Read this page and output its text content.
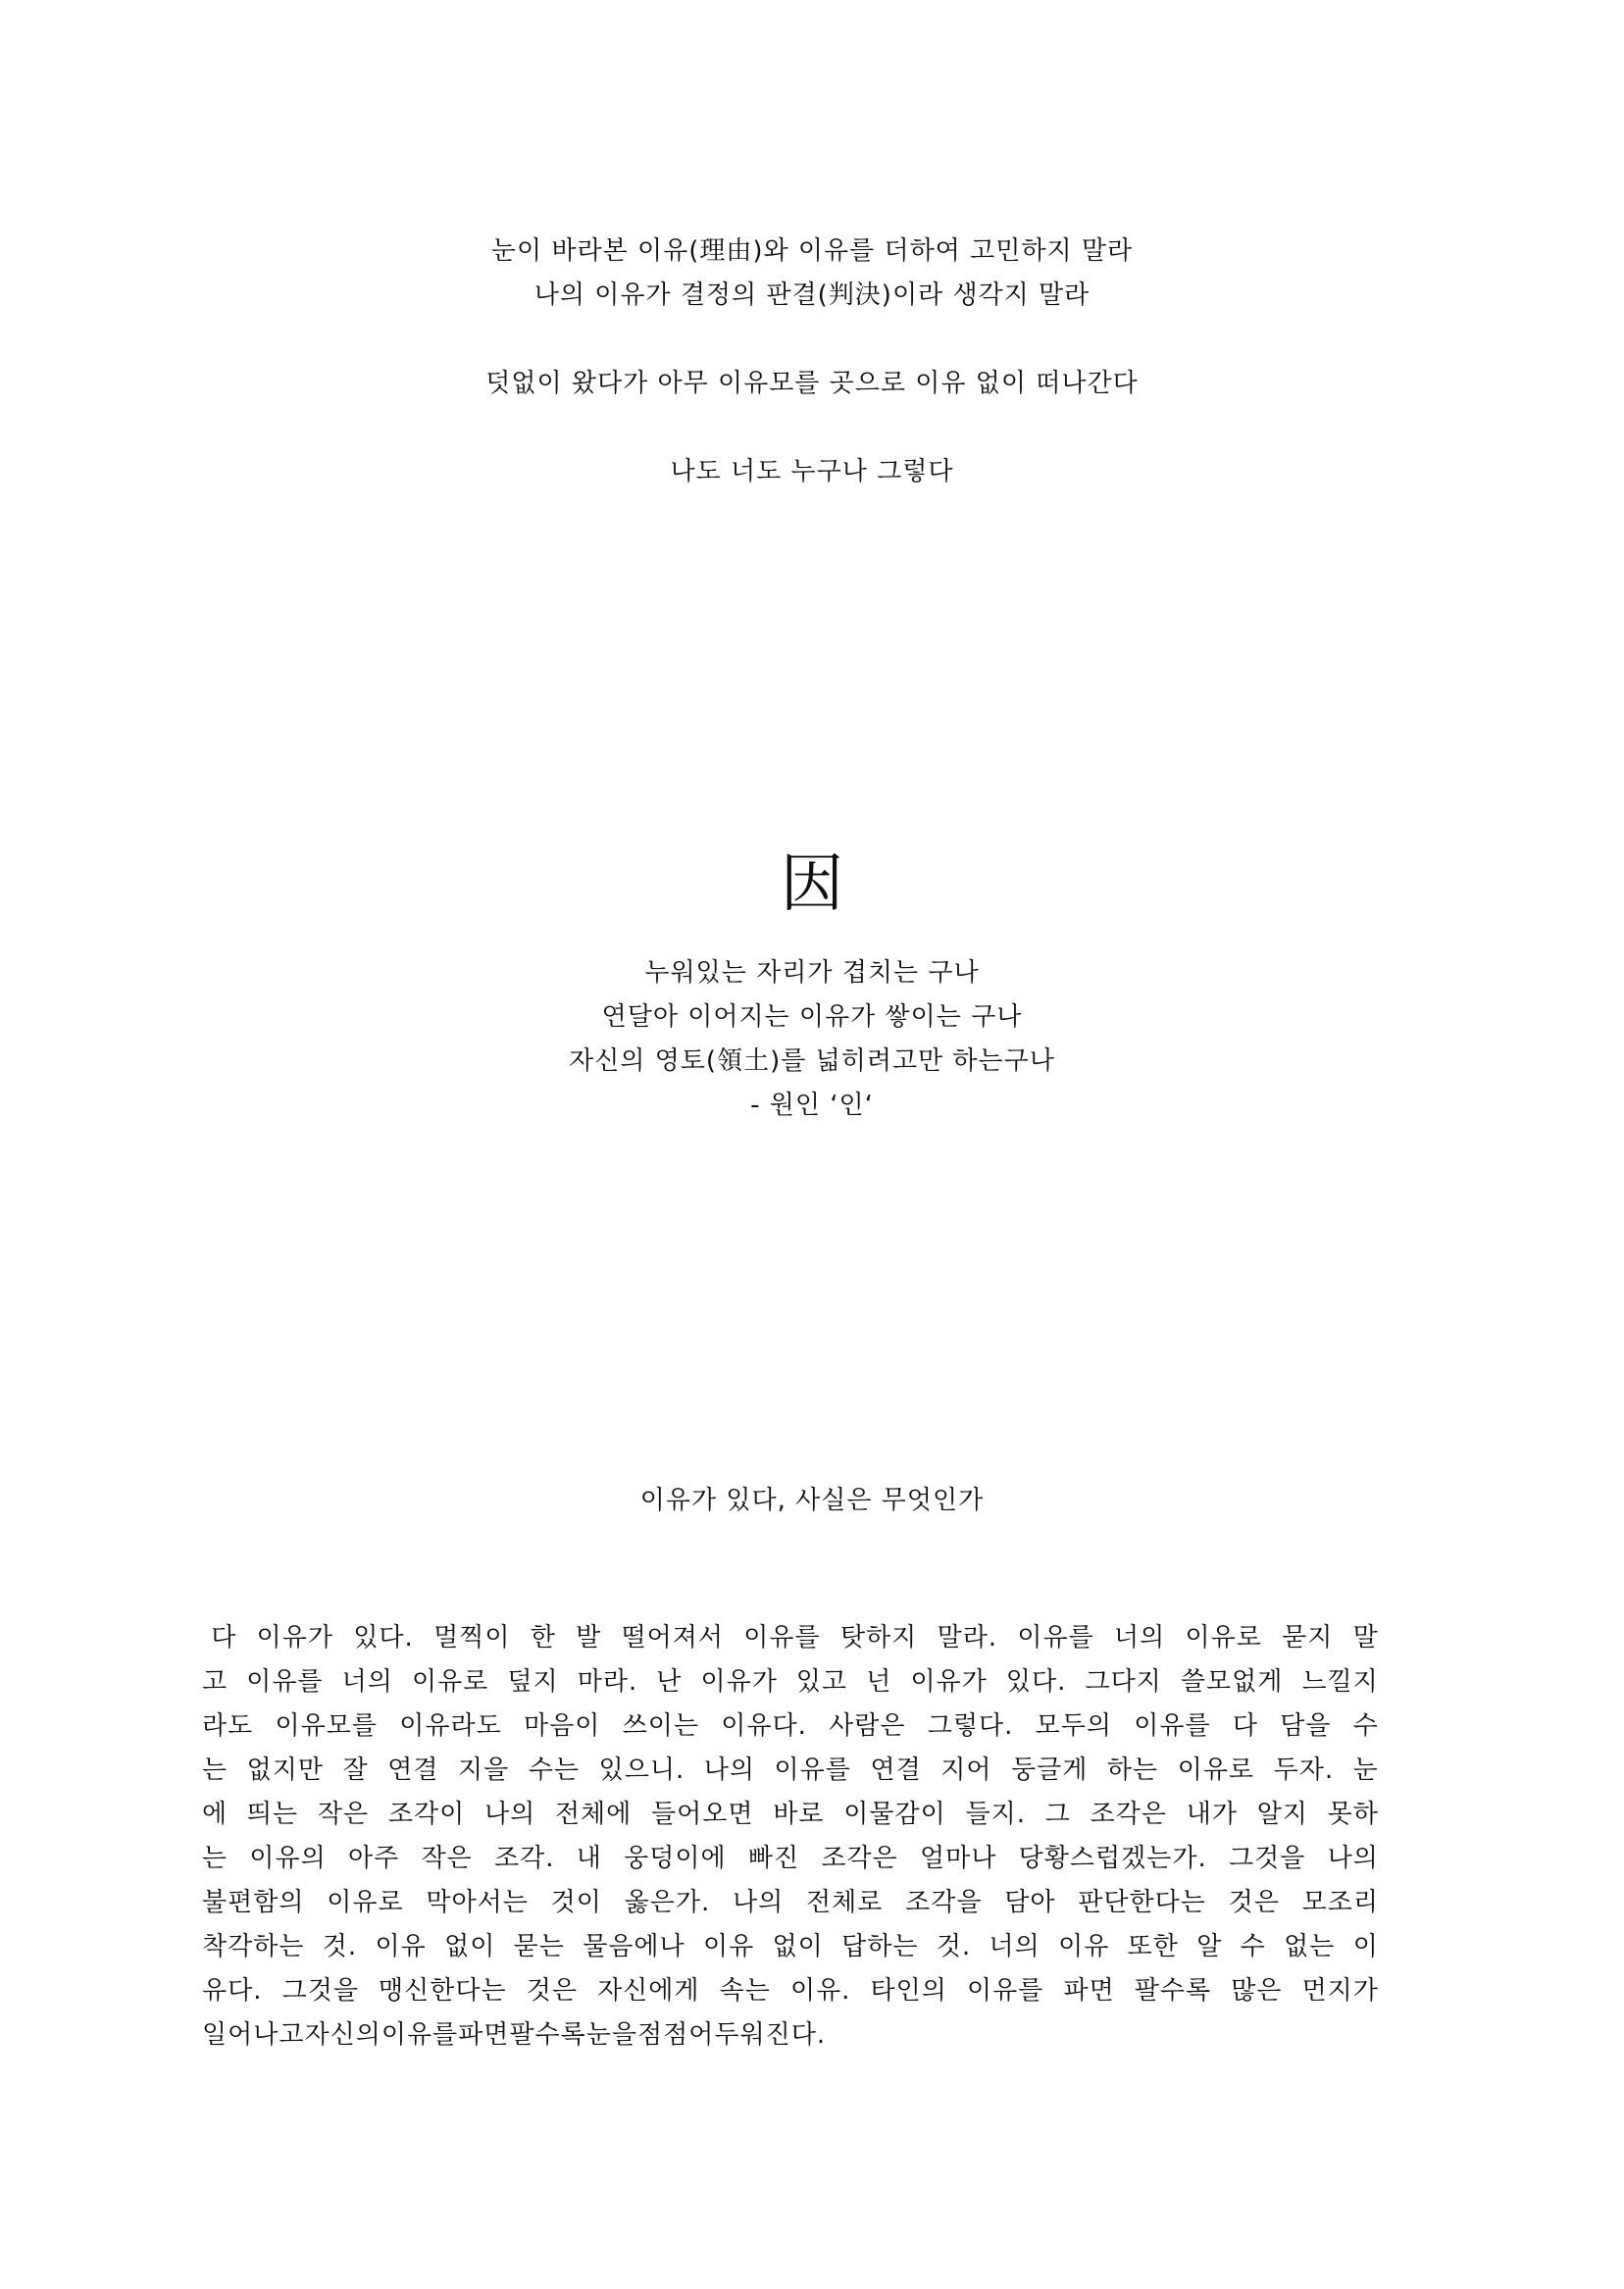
눈이 바라본 이유(理由)와 이유를 더하여 고민하지 말라
나의 이유가 결정의 판결(判決)이라 생각지 말라
덧없이 왔다가 아무 이유모를 곳으로 이유 없이 떠나간다
나도 너도 누구나 그렇다
因
누워있는 자리가 겹치는 구나
연달아 이어지는 이유가 쌓이는 구나
자신의 영토(領土)를 넓히려고만 하는구나
- 원인 ‘인‘
이유가 있다, 사실은 무엇인가
다 이유가 있다. 멀찍이 한 발 떨어져서 이유를 탓하지 말라. 이유를 너의 이유로 묻지 말
고 이유를 너의 이유로 덮지 마라. 난 이유가 있고 넌 이유가 있다. 그다지 쓸모없게 느낄지
라도 이유모를 이유라도 마음이 쓰이는 이유다. 사람은 그렇다. 모두의 이유를 다 담을 수
는 없지만 잘 연결 지을 수는 있으니. 나의 이유를 연결 지어 둥글게 하는 이유로 두자. 눈
에 띄는 작은 조각이 나의 전체에 들어오면 바로 이물감이 들지. 그 조각은 내가 알지 못하
는 이유의 아주 작은 조각. 내 웅덩이에 빠진 조각은 얼마나 당황스럽겠는가. 그것을 나의
불편함의 이유로 막아서는 것이 옳은가. 나의 전체로 조각을 담아 판단한다는 것은 모조리
착각하는 것. 이유 없이 묻는 물음에나 이유 없이 답하는 것. 너의 이유 또한 알 수 없는 이
유다. 그것을 맹신한다는 것은 자신에게 속는 이유. 타인의 이유를 파면 팔수록 많은 먼지가
일어나고 자신의 이유를 파면 팔수록 눈을 점점 어두워진다.
